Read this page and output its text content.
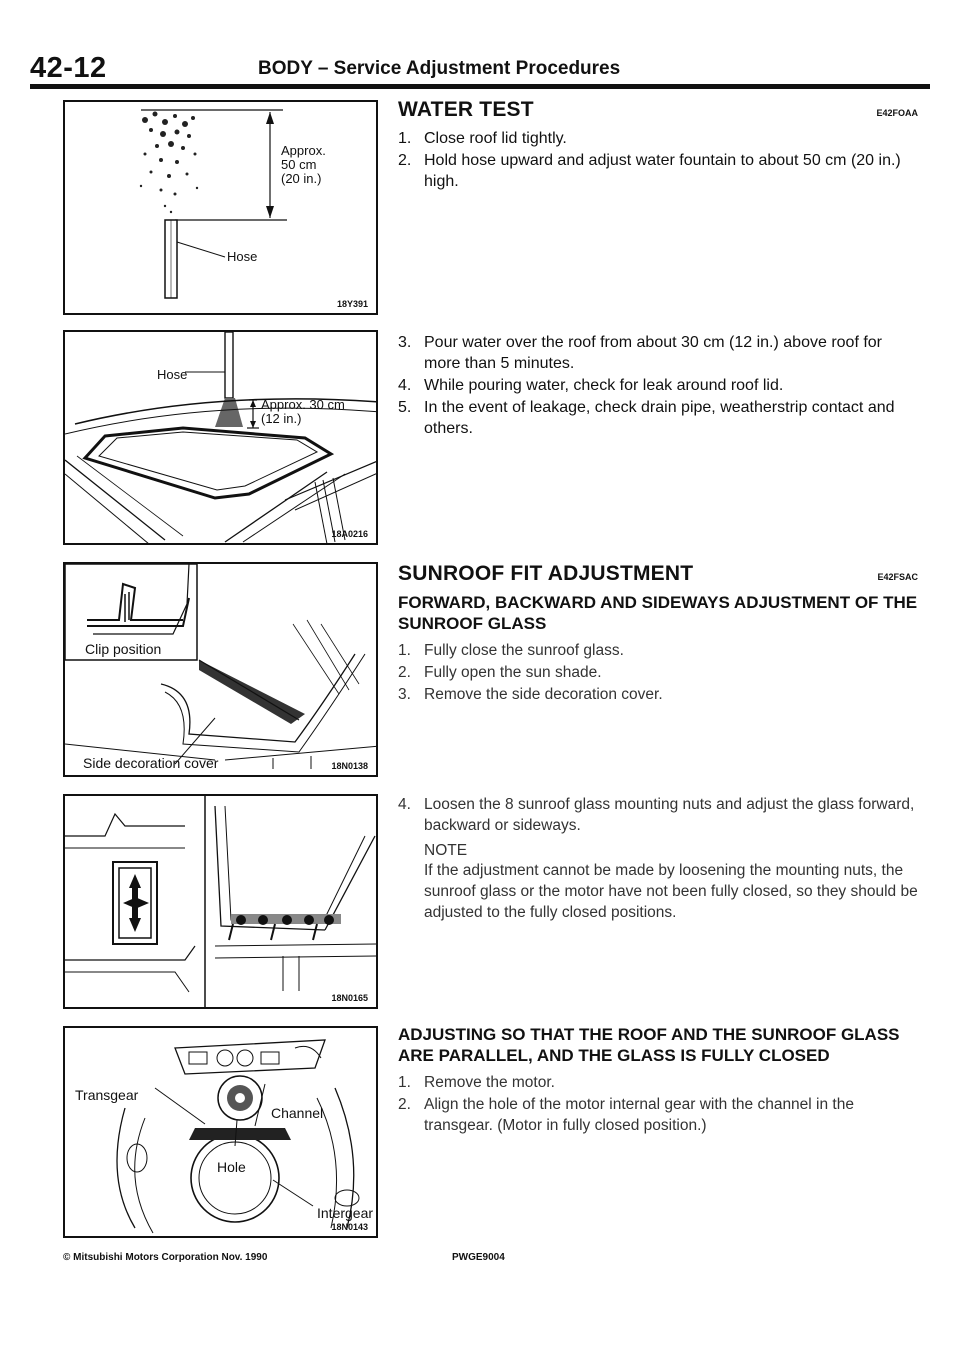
42-12	BODY – Service Adjustment Procedures
Approx.
50 cm
(20 in.)
Hose
18Y391
Hose
Approx. 30 cm
(12 in.)
18A0216
Clip position
Side decoration cover	18N0138
18N0165
Transgear
Channel
Hole
Intergear
18N0143
WATER TEST	E42FOAA
1. Close roof lid tightly.
2. Hold hose upward and adjust water fountain to about 50 cm (20 in.) high.
3. Pour water over the roof from about 30 cm (12 in.) above roof for more than 5 minutes.
4. While pouring water, check for leak around roof lid.
5. In the event of leakage, check drain pipe, weatherstrip contact and others.
SUNROOF FIT ADJUSTMENT	E42FSAC
FORWARD, BACKWARD AND SIDEWAYS ADJUSTMENT OF THE SUNROOF GLASS
1. Fully close the sunroof glass.
2. Fully open the sun shade.
3. Remove the side decoration cover.
4. Loosen the 8 sunroof glass mounting nuts and adjust the glass forward, backward or sideways.
NOTE
If the adjustment cannot be made by loosening the mounting nuts, the sunroof glass or the motor have not been fully closed, so they should be adjusted to the fully closed positions.
ADJUSTING SO THAT THE ROOF AND THE SUNROOF GLASS ARE PARALLEL, AND THE GLASS IS FULLY CLOSED
1. Remove the motor.
2. Align the hole of the motor internal gear with the channel in the transgear. (Motor in fully closed position.)
© Mitsubishi Motors Corporation Nov. 1990	PWGE9004
